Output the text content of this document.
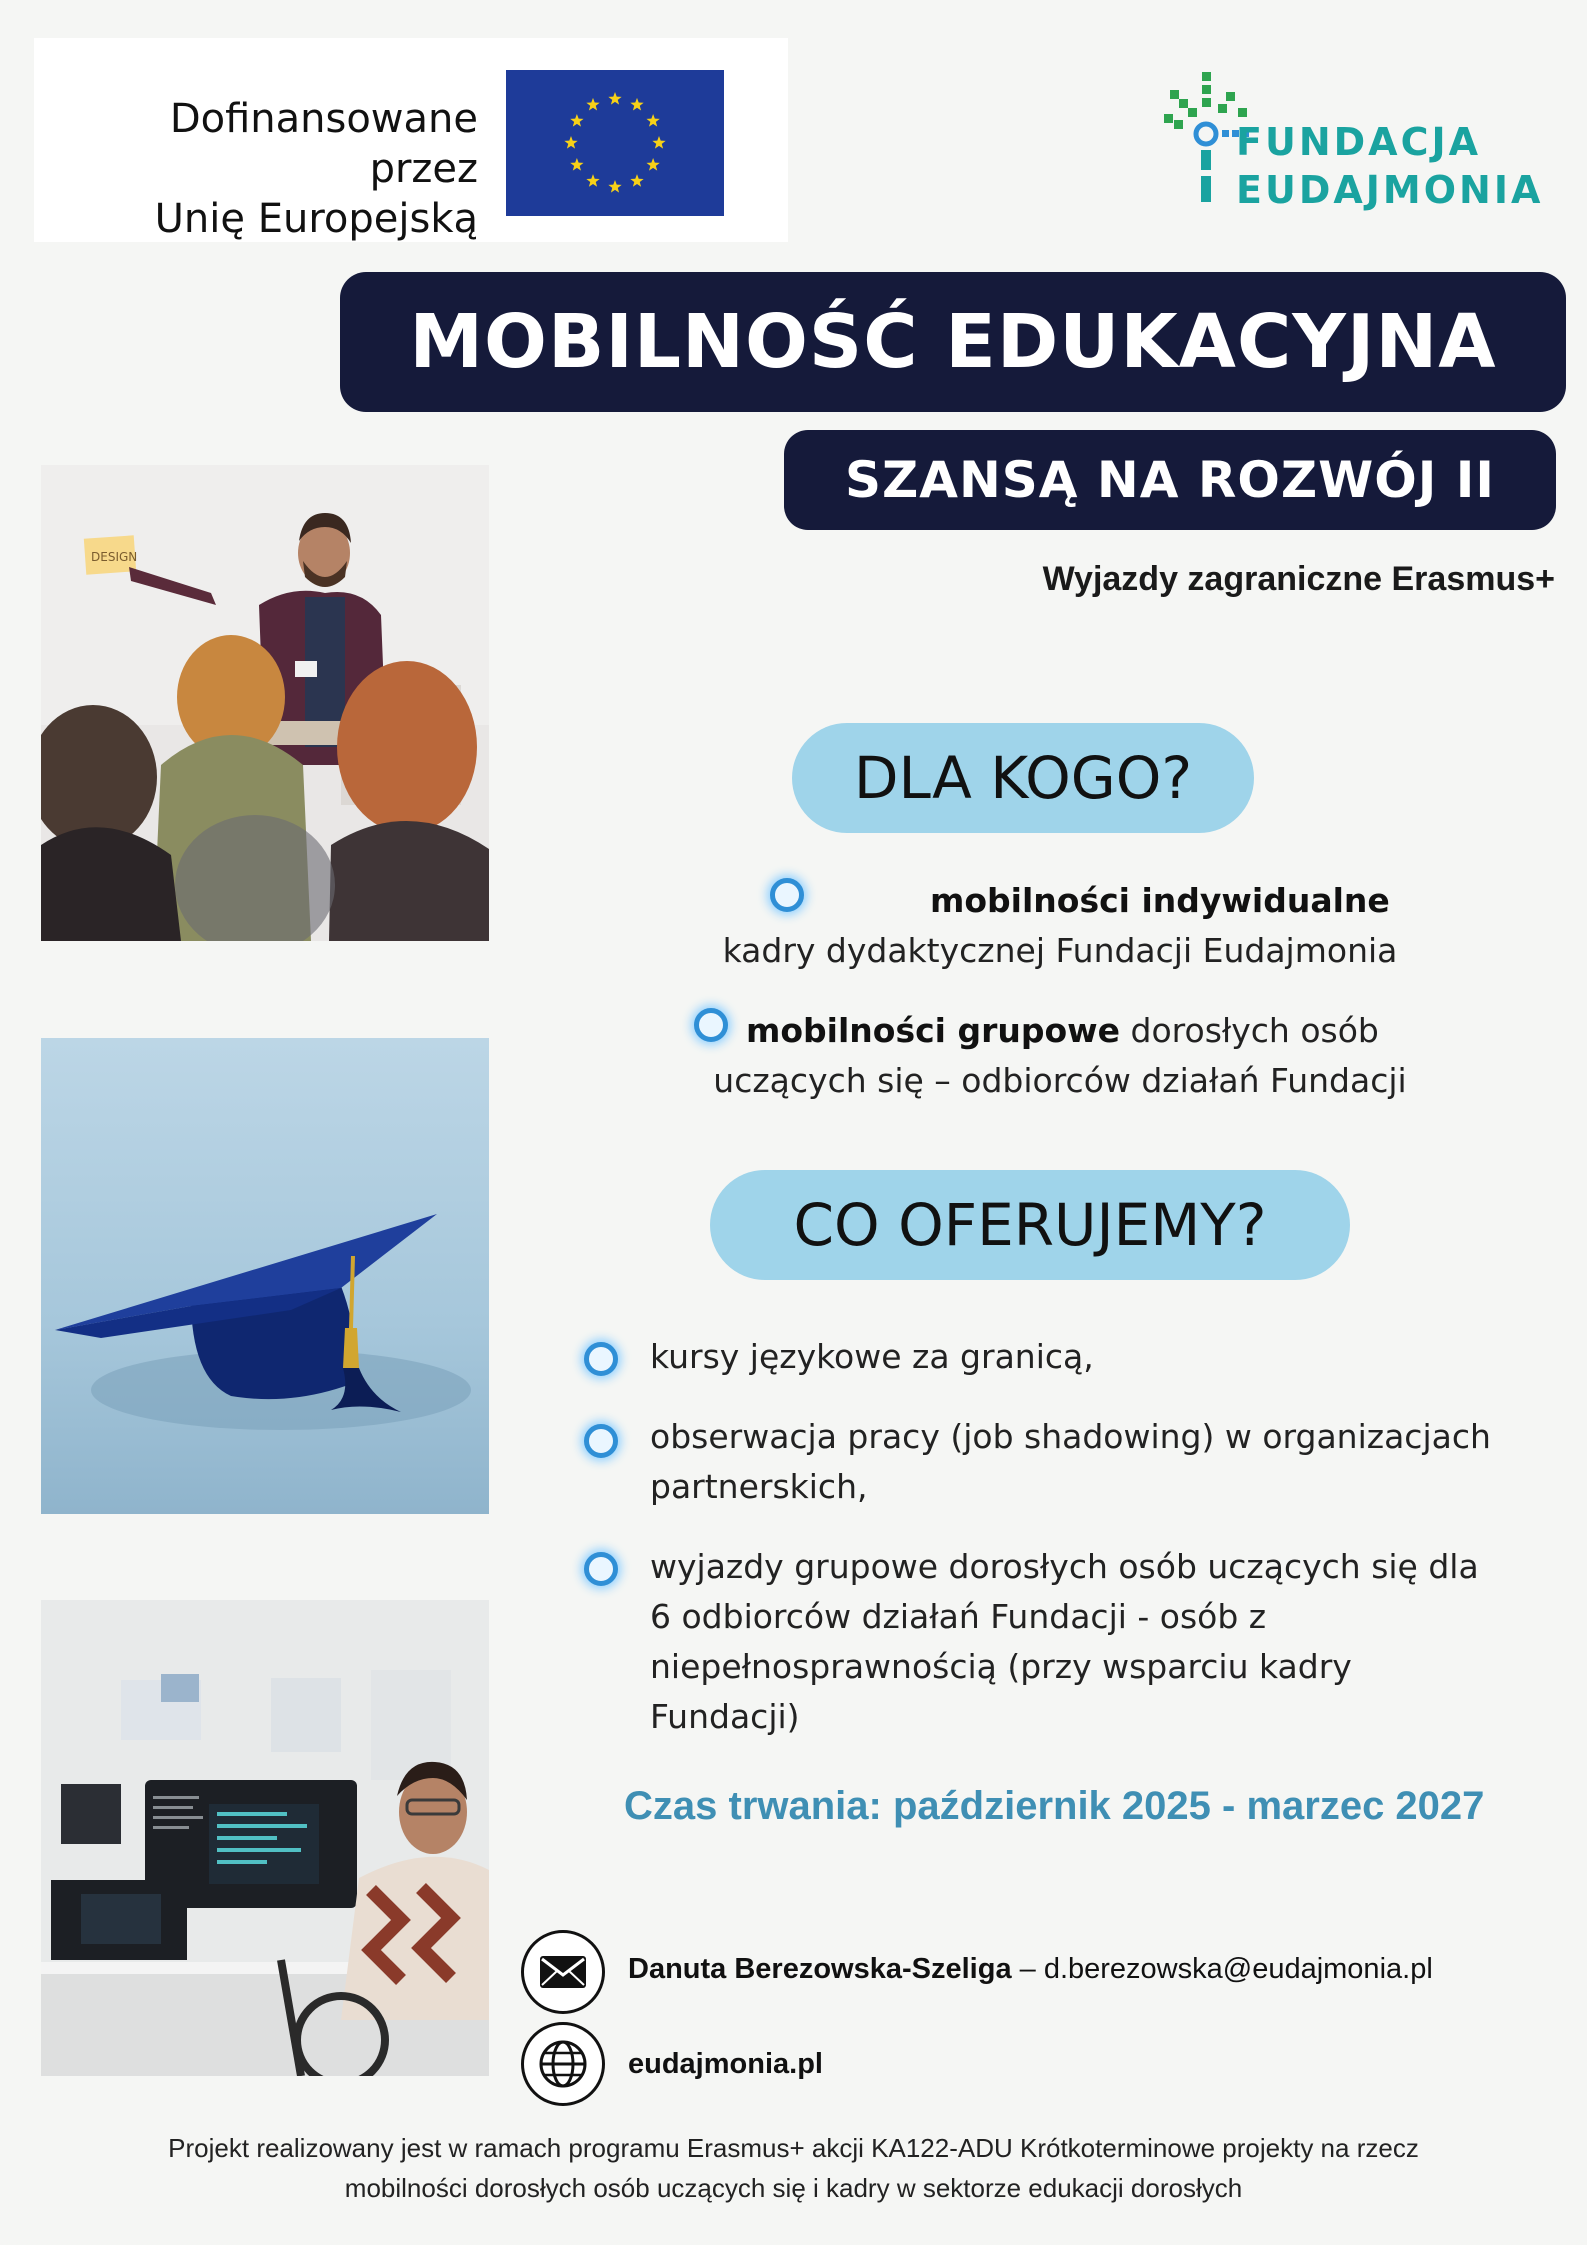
Dofinansowane przez
Unię Europejską
FUNDACJA
EUDAJMONIA
MOBILNOŚĆ EDUKACYJNA
SZANSĄ NA ROZWÓJ II
Wyjazdy zagraniczne Erasmus+
DESIGN
DLA KOGO?
mobilności indywidualne
kadry dydaktycznej Fundacji Eudajmonia
mobilności grupowe dorosłych osób
uczących się – odbiorców działań Fundacji
CO OFERUJEMY?
kursy językowe za granicą,
obserwacja pracy (job shadowing) w organizacjach
partnerskich,
wyjazdy grupowe dorosłych osób uczących się dla
6 odbiorców działań Fundacji - osób z
niepełnosprawnością (przy wsparciu kadry
Fundacji)
Czas trwania: październik 2025 - marzec 2027
Danuta Berezowska-Szeliga – d.berezowska@eudajmonia.pl
eudajmonia.pl
Projekt realizowany jest w ramach programu Erasmus+ akcji KA122-ADU Krótkoterminowe projekty na rzecz
mobilności dorosłych osób uczących się i kadry w sektorze edukacji dorosłych
